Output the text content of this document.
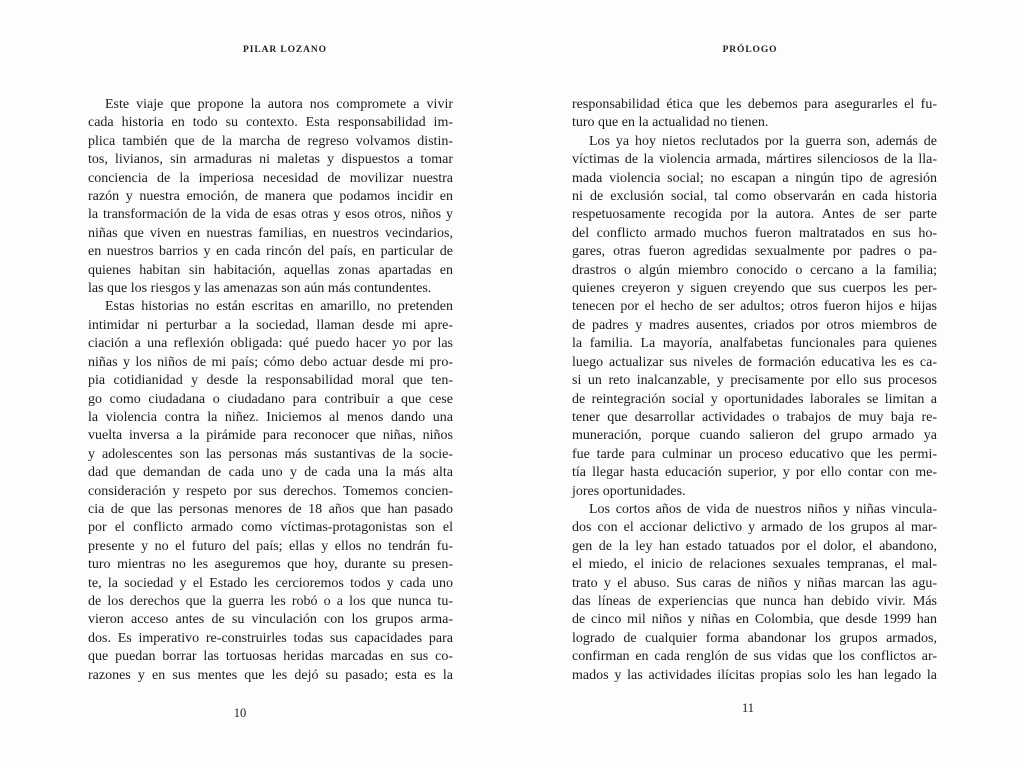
PILAR LOZANO
Este viaje que propone la autora nos compromete a vivir
cada historia en todo su contexto. Esta responsabilidad im-
plica también que de la marcha de regreso volvamos distin-
tos, livianos, sin armaduras ni maletas y dispuestos a tomar
conciencia de la imperiosa necesidad de movilizar nuestra
razón y nuestra emoción, de manera que podamos incidir en
la transformación de la vida de esas otras y esos otros, niños y
niñas que viven en nuestras familias, en nuestros vecindarios,
en nuestros barrios y en cada rincón del país, en particular de
quienes habitan sin habitación, aquellas zonas apartadas en
las que los riesgos y las amenazas son aún más contundentes.
Estas historias no están escritas en amarillo, no pretenden
intimidar ni perturbar a la sociedad, llaman desde mi apre-
ciación a una reflexión obligada: qué puedo hacer yo por las
niñas y los niños de mi país; cómo debo actuar desde mi pro-
pia cotidianidad y desde la responsabilidad moral que ten-
go como ciudadana o ciudadano para contribuir a que cese
la violencia contra la niñez. Iniciemos al menos dando una
vuelta inversa a la pirámide para reconocer que niñas, niños
y adolescentes son las personas más sustantivas de la socie-
dad que demandan de cada uno y de cada una la más alta
consideración y respeto por sus derechos. Tomemos concien-
cia de que las personas menores de 18 años que han pasado
por el conflicto armado como víctimas-protagonistas son el
presente y no el futuro del país; ellas y ellos no tendrán fu-
turo mientras no les aseguremos que hoy, durante su presen-
te, la sociedad y el Estado les cercioremos todos y cada uno
de los derechos que la guerra les robó o a los que nunca tu-
vieron acceso antes de su vinculación con los grupos arma-
dos. Es imperativo re-construirles todas sus capacidades para
que puedan borrar las tortuosas heridas marcadas en sus co-
razones y en sus mentes que les dejó su pasado; esta es la
10
PRÓLOGO
responsabilidad ética que les debemos para asegurarles el fu-
turo que en la actualidad no tienen.
Los ya hoy nietos reclutados por la guerra son, además de
víctimas de la violencia armada, mártires silenciosos de la lla-
mada violencia social; no escapan a ningún tipo de agresión
ni de exclusión social, tal como observarán en cada historia
respetuosamente recogida por la autora. Antes de ser parte
del conflicto armado muchos fueron maltratados en sus ho-
gares, otras fueron agredidas sexualmente por padres o pa-
drastros o algún miembro conocido o cercano a la familia;
quienes creyeron y siguen creyendo que sus cuerpos les per-
tenecen por el hecho de ser adultos; otros fueron hijos e hijas
de padres y madres ausentes, criados por otros miembros de
la familia. La mayoría, analfabetas funcionales para quienes
luego actualizar sus niveles de formación educativa les es ca-
si un reto inalcanzable, y precisamente por ello sus procesos
de reintegración social y oportunidades laborales se limitan a
tener que desarrollar actividades o trabajos de muy baja re-
muneración, porque cuando salieron del grupo armado ya
fue tarde para culminar un proceso educativo que les permi-
tía llegar hasta educación superior, y por ello contar con me-
jores oportunidades.
Los cortos años de vida de nuestros niños y niñas vincula-
dos con el accionar delictivo y armado de los grupos al mar-
gen de la ley han estado tatuados por el dolor, el abandono,
el miedo, el inicio de relaciones sexuales tempranas, el mal-
trato y el abuso. Sus caras de niños y niñas marcan las agu-
das líneas de experiencias que nunca han debido vivir. Más
de cinco mil niños y niñas en Colombia, que desde 1999 han
logrado de cualquier forma abandonar los grupos armados,
confirman en cada renglón de sus vidas que los conflictos ar-
mados y las actividades ilícitas propias solo les han legado la
11
